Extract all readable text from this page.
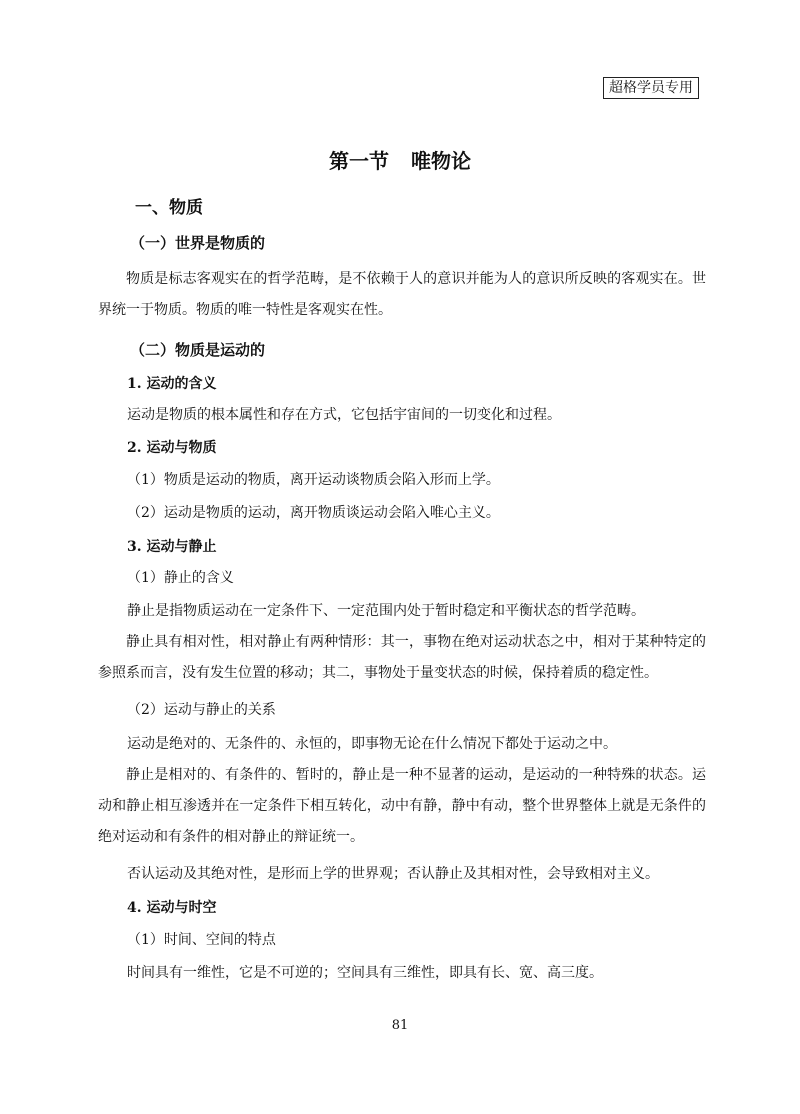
超格学员专用
第一节 唯物论
一、物质
（一）世界是物质的

物质是标志客观实在的哲学范畴，是不依赖于人的意识并能为人的意识所反映的客观实在。世界统一于物质。物质的唯一特性是客观实在性。

（二）物质是运动的
1. 运动的含义
运动是物质的根本属性和存在方式，它包括宇宙间的一切变化和过程。
2. 运动与物质
（1）物质是运动的物质，离开运动谈物质会陷入形而上学。
（2）运动是物质的运动，离开物质谈运动会陷入唯心主义。
3. 运动与静止
（1）静止的含义
静止是指物质运动在一定条件下、一定范围内处于暂时稳定和平衡状态的哲学范畴。

静止具有相对性，相对静止有两种情形：其一，事物在绝对运动状态之中，相对于某种特定的参照系而言，没有发生位置的移动；其二，事物处于量变状态的时候，保持着质的稳定性。

（2）运动与静止的关系
运动是绝对的、无条件的、永恒的，即事物无论在什么情况下都处于运动之中。

静止是相对的、有条件的、暂时的，静止是一种不显著的运动，是运动的一种特殊的状态。运动和静止相互渗透并在一定条件下相互转化，动中有静，静中有动，整个世界整体上就是无条件的绝对运动和有条件的相对静止的辩证统一。

否认运动及其绝对性，是形而上学的世界观；否认静止及其相对性，会导致相对主义。
4. 运动与时空
（1）时间、空间的特点
时间具有一维性，它是不可逆的；空间具有三维性，即具有长、宽、高三度。
81
